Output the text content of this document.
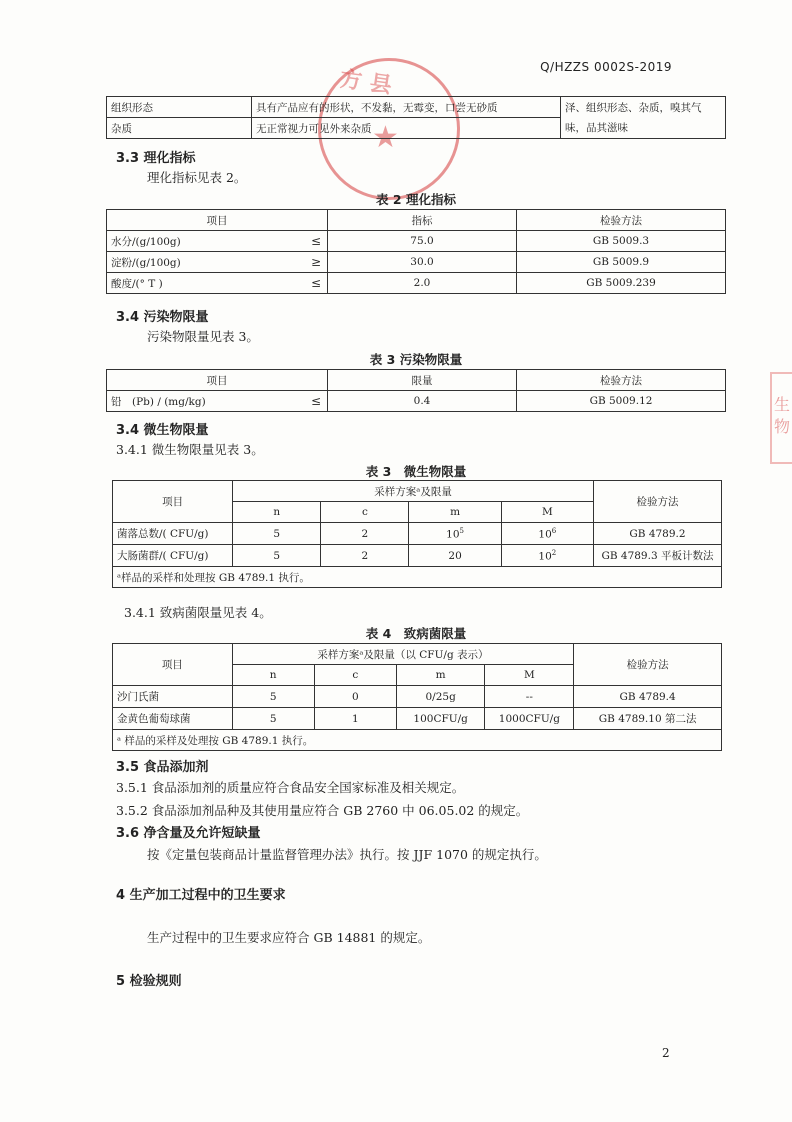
Q/HZZS 0002S-2019
方县
★
生 物
组织形态	具有产品应有的形状，不发黏，无霉变，口尝无砂质	泽、组织形态、杂质，嗅其气味，品其滋味
杂质	无正常视力可见外来杂质	
3.3 理化指标
理化指标见表 2。
表 2 理化指标
项目	指标	检验方法
水分/(g/100g) ≤	75.0	GB 5009.3
淀粉/(g/100g) ≥	30.0	GB 5009.9
酸度/(° T ) ≤	2.0	GB 5009.239
3.4 污染物限量
污染物限量见表 3。
表 3 污染物限量
项目	限量	检验方法
铅　(Pb) / (mg/kg) ≤	0.4	GB 5009.12
3.4 微生物限量
3.4.1 微生物限量见表 3。
表 3　微生物限量
项目	采样方案ᵃ及限量				检验方法
	n	c	m	M	
菌落总数/( CFU/g)	5	2	$10^5$	$10^6$	GB 4789.2
大肠菌群/( CFU/g)	5	2	20	$10^2$	GB 4789.3 平板计数法
ᵃ样品的采样和处理按 GB 4789.1 执行。					
3.4.1 致病菌限量见表 4。
表 4　致病菌限量
项目	采样方案ᵃ及限量（以 CFU/g 表示）				检验方法
	n	c	m	M	
沙门氏菌	5	0	0/25g	--	GB 4789.4
金黄色葡萄球菌	5	1	100CFU/g	1000CFU/g	GB 4789.10 第二法
ᵃ 样品的采样及处理按 GB 4789.1 执行。					
3.5 食品添加剂
3.5.1 食品添加剂的质量应符合食品安全国家标准及相关规定。
3.5.2 食品添加剂品种及其使用量应符合 GB 2760 中 06.05.02 的规定。
3.6 净含量及允许短缺量
按《定量包装商品计量监督管理办法》执行。按 JJF 1070 的规定执行。
4 生产加工过程中的卫生要求
生产过程中的卫生要求应符合 GB 14881 的规定。
5 检验规则
2
